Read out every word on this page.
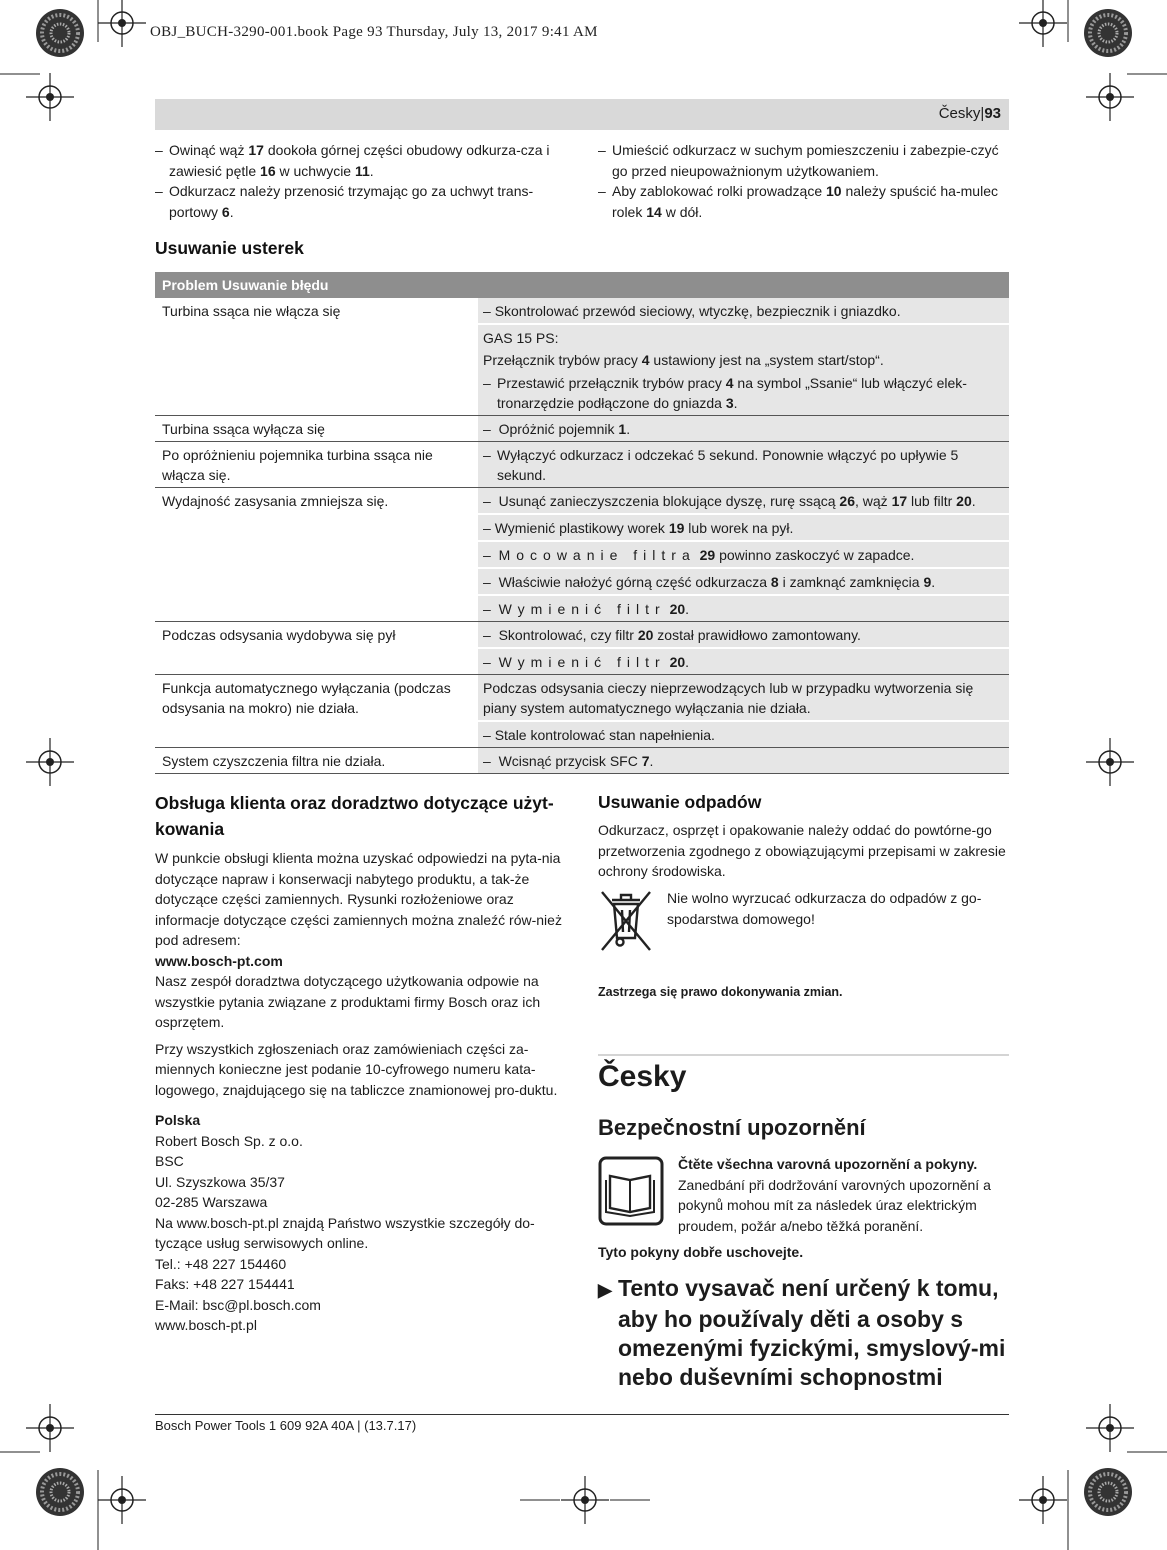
OBJ_BUCH-3290-001.book Page 93 Thursday, July 13, 2017 9:41 AM
Česky|93
– Owinąć wąż 17 dookoła górnej części obudowy odkurza-cza i zawiesić pętle 16 w uchwycie 11.
– Odkurzacz należy przenosić trzymając go za uchwyt trans-portowy 6.
– Umieścić odkurzacz w suchym pomieszczeniu i zabezpie-czyć go przed nieupoważnionym użytkowaniem.
– Aby zablokować rolki prowadzące 10 należy spuścić ha-mulec rolek 14 w dół.
Usuwanie usterek
Problem Usuwanie błędu	
Turbina ssąca nie włącza się	– Skontrolować przewód sieciowy, wtyczkę, bezpiecznik i gniazdko.
	GAS 15 PS:
	Przełącznik trybów pracy 4 ustawiony jest na „system start/stop“.

	– Przestawić przełącznik trybów pracy 4 na symbol „Ssanie“ lub włączyć elek-tronarzędzie podłączone do gniazda 3.

Turbina ssąca wyłącza się	–  Opróżnić pojemnik 1.
Po opróżnieniu pojemnika turbina ssąca nie włącza się.	– Wyłączyć odkurzacz i odczekać 5 sekund. Ponownie włączyć po upływie 5 sekund.

Wydajność zasysania zmniejsza się.	–  Usunąć zanieczyszczenia blokujące dyszę, rurę ssącą 26, wąż 17 lub filtr 20.
	– Wymienić plastikowy worek 19 lub worek na pył.
	–  Mocowanie filtra 29 powinno zaskoczyć w zapadce.
	–  Właściwie nałożyć górną część odkurzacza 8 i zamknąć zamknięcia 9.
	–  Wymienić filtr 20.
Podczas odsysania wydobywa się pył	–  Skontrolować, czy filtr 20 został prawidłowo zamontowany.
	–  Wymienić filtr 20.
Funkcja automatycznego wyłączania (podczas odsysania na mokro) nie działa.	Podczas odsysania cieczy nieprzewodzących lub w przypadku wytworzenia się piany system automatycznego wyłączania nie działa.
	– Stale kontrolować stan napełnienia.
System czyszczenia filtra nie działa.	–  Wcisnąć przycisk SFC 7.
Obsługa klienta oraz doradztwo dotyczące użyt-kowania

W punkcie obsługi klienta można uzyskać odpowiedzi na pyta-nia dotyczące napraw i konserwacji nabytego produktu, a tak-że dotyczące części zamiennych. Rysunki rozłożeniowe oraz informacje dotyczące części zamiennych można znaleźć rów-nież pod adresem:

www.bosch-pt.com

Nasz zespół doradztwa dotyczącego użytkowania odpowie na wszystkie pytania związane z produktami firmy Bosch oraz ich osprzętem.

Przy wszystkich zgłoszeniach oraz zamówieniach części za-miennych konieczne jest podanie 10-cyfrowego numeru kata-logowego, znajdującego się na tabliczce znamionowej pro-duktu.

Polska

Robert Bosch Sp. z o.o.

BSC

Ul. Szyszkowa 35/37

02-285 Warszawa

Na www.bosch-pt.pl znajdą Państwo wszystkie szczegóły do-tyczące usług serwisowych online.

Tel.: +48 227 154460

Faks: +48 227 154441

E-Mail: bsc@pl.bosch.com

www.bosch-pt.pl

Usuwanie odpadów

Odkurzacz, osprzęt i opakowanie należy oddać do powtórne-go przetworzenia zgodnego z obowiązującymi przepisami w zakresie ochrony środowiska.

Nie wolno wyrzucać odkurzacza do odpadów z go-spodarstwa domowego!

Zastrzega się prawo dokonywania zmian.

Česky
Bezpečnostní upozornění

Čtěte všechna varovná upozornění a pokyny.

Zanedbání při dodržování varovných upozornění a pokynů mohou mít za následek úraz elektrickým proudem, požár a/nebo těžká poranění.

Tyto pokyny dobře uschovejte.

▶ Tento vysavač není určený k tomu, aby ho používaly děti a osoby s omezenými fyzickými, smyslový-mi nebo duševními schopnostmi
Bosch Power Tools 1 609 92A 40A | (13.7.17)
